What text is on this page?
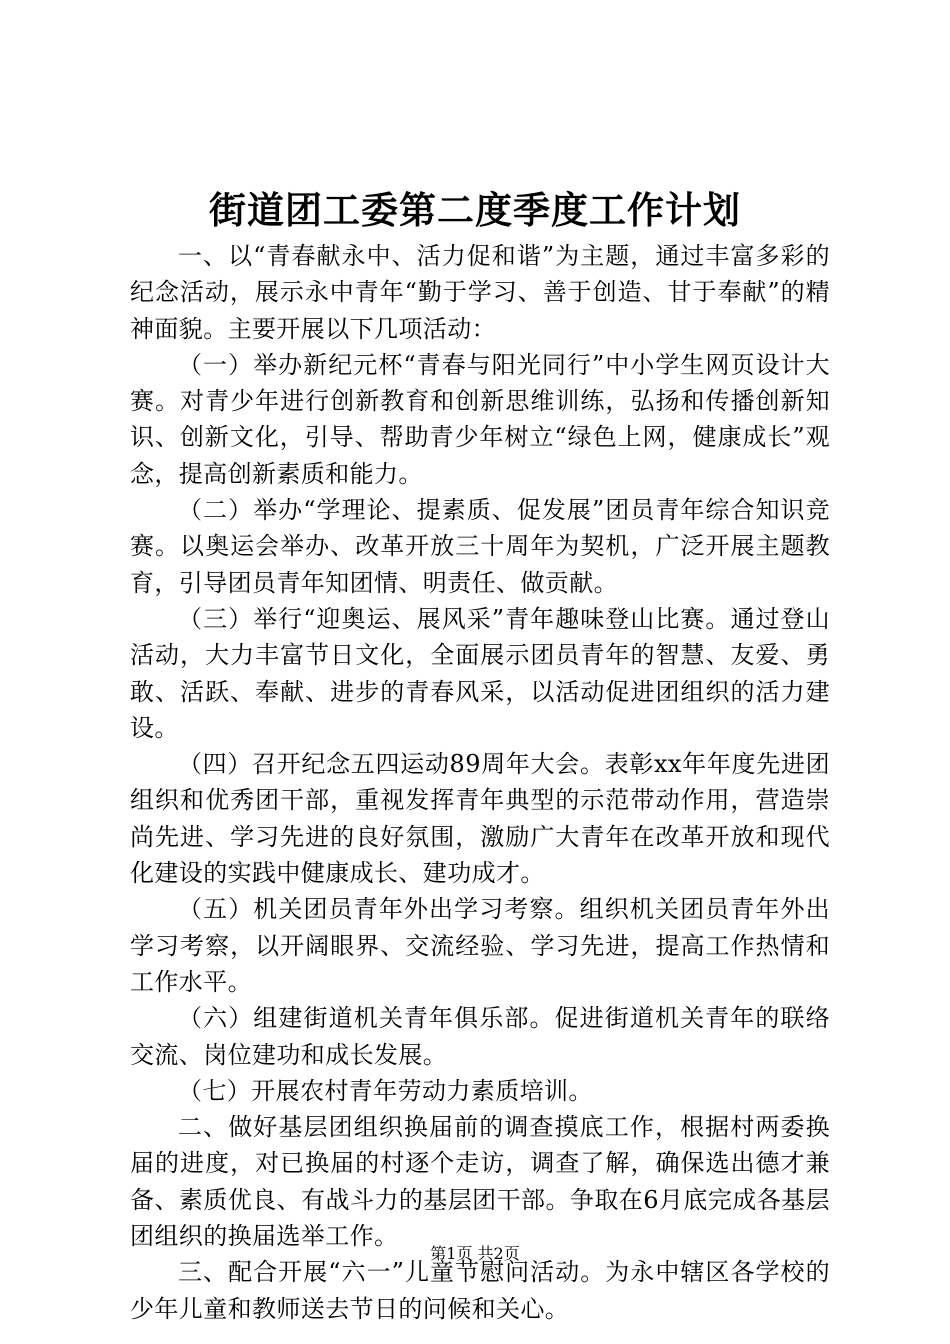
街道团工委第二度季度工作计划

一、以“青春献永中、活力促和谐”为主题，通过丰富多彩的纪念活动，展示永中青年“勤于学习、善于创造、甘于奉献”的精神面貌。主要开展以下几项活动：

（一）举办新纪元杯“青春与阳光同行”中小学生网页设计大赛。对青少年进行创新教育和创新思维训练，弘扬和传播创新知识、创新文化，引导、帮助青少年树立“绿色上网，健康成长”观念，提高创新素质和能力。

（二）举办“学理论、提素质、促发展”团员青年综合知识竞赛。以奥运会举办、改革开放三十周年为契机，广泛开展主题教育，引导团员青年知团情、明责任、做贡献。

（三）举行“迎奥运、展风采”青年趣味登山比赛。通过登山活动，大力丰富节日文化，全面展示团员青年的智慧、友爱、勇敢、活跃、奉献、进步的青春风采，以活动促进团组织的活力建设。

（四）召开纪念五四运动89周年大会。表彰xx年年度先进团组织和优秀团干部，重视发挥青年典型的示范带动作用，营造崇尚先进、学习先进的良好氛围，激励广大青年在改革开放和现代化建设的实践中健康成长、建功成才。

（五）机关团员青年外出学习考察。组织机关团员青年外出学习考察，以开阔眼界、交流经验、学习先进，提高工作热情和工作水平。

（六）组建街道机关青年俱乐部。促进街道机关青年的联络交流、岗位建功和成长发展。

（七）开展农村青年劳动力素质培训。

二、做好基层团组织换届前的调查摸底工作，根据村两委换届的进度，对已换届的村逐个走访，调查了解，确保选出德才兼备、素质优良、有战斗力的基层团干部。争取在6月底完成各基层团组织的换届选举工作。

三、配合开展“六一”儿童节慰问活动。为永中辖区各学校的少年儿童和教师送去节日的问候和关心。

第1页 共2页
